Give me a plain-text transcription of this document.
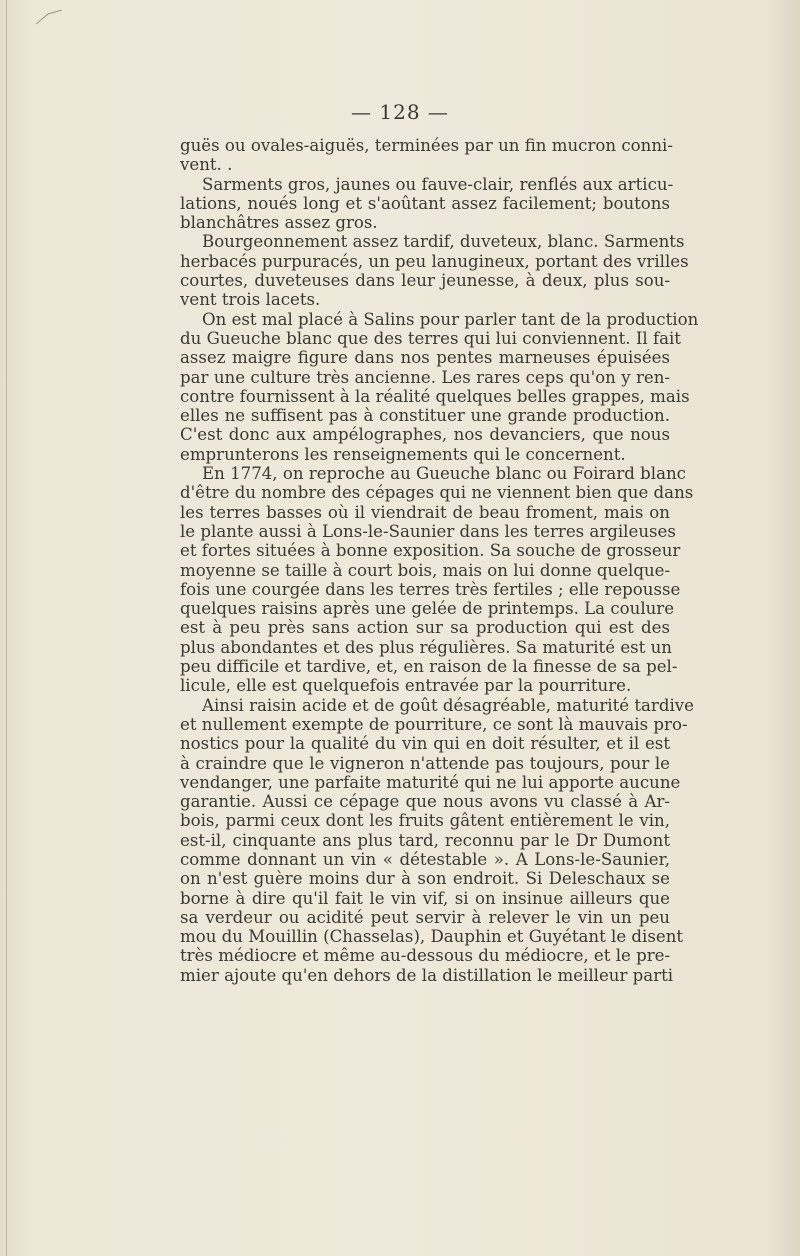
— 128 —
guës ou ovales-aiguës, terminées par un fin mucron conni-
vent. .
Sarments gros, jaunes ou fauve-clair, renflés aux articu-
lations, noués long et s'aoûtant assez facilement; boutons
blanchâtres assez gros.
Bourgeonnement assez tardif, duveteux, blanc. Sarments
herbacés purpuracés, un peu lanugineux, portant des vrilles
courtes, duveteuses dans leur jeunesse, à deux, plus sou-
vent trois lacets.
On est mal placé à Salins pour parler tant de la production
du Gueuche blanc que des terres qui lui conviennent. Il fait
assez maigre figure dans nos pentes marneuses épuisées
par une culture très ancienne. Les rares ceps qu'on y ren-
contre fournissent à la réalité quelques belles grappes, mais
elles ne suffisent pas à constituer une grande production.
C'est donc aux ampélographes, nos devanciers, que nous
emprunterons les renseignements qui le concernent.
En 1774, on reproche au Gueuche blanc ou Foirard blanc
d'être du nombre des cépages qui ne viennent bien que dans
les terres basses où il viendrait de beau froment, mais on
le plante aussi à Lons-le-Saunier dans les terres argileuses
et fortes situées à bonne exposition. Sa souche de grosseur
moyenne se taille à court bois, mais on lui donne quelque-
fois une courgée dans les terres très fertiles ; elle repousse
quelques raisins après une gelée de printemps. La coulure
est à peu près sans action sur sa production qui est des
plus abondantes et des plus régulières. Sa maturité est un
peu difficile et tardive, et, en raison de la finesse de sa pel-
licule, elle est quelquefois entravée par la pourriture.
Ainsi raisin acide et de goût désagréable, maturité tardive
et nullement exempte de pourriture, ce sont là mauvais pro-
nostics pour la qualité du vin qui en doit résulter, et il est
à craindre que le vigneron n'attende pas toujours, pour le
vendanger, une parfaite maturité qui ne lui apporte aucune
garantie. Aussi ce cépage que nous avons vu classé à Ar-
bois, parmi ceux dont les fruits gâtent entièrement le vin,
est-il, cinquante ans plus tard, reconnu par le Dr Dumont
comme donnant un vin « détestable ». A Lons-le-Saunier,
on n'est guère moins dur à son endroit. Si Deleschaux se
borne à dire qu'il fait le vin vif, si on insinue ailleurs que
sa verdeur ou acidité peut servir à relever le vin un peu
mou du Mouillin (Chasselas), Dauphin et Guyétant le disent
très médiocre et même au-dessous du médiocre, et le pre-
mier ajoute qu'en dehors de la distillation le meilleur parti
